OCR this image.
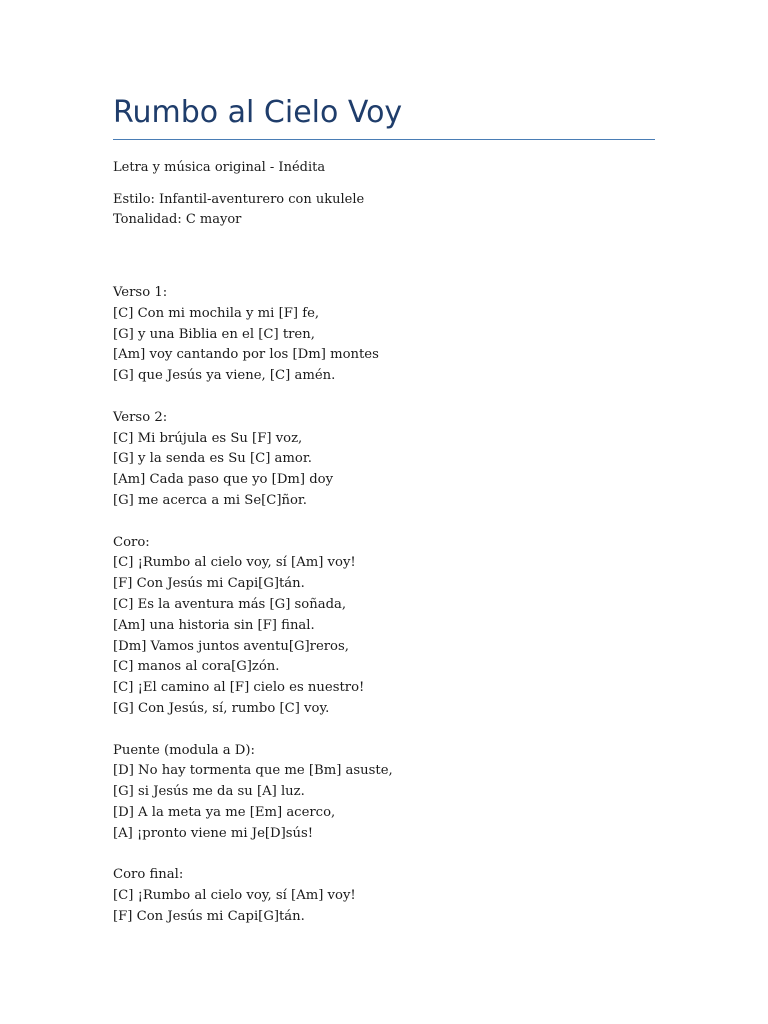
Rumbo al Cielo Voy
Letra y música original - Inédita
Estilo: Infantil-aventurero con ukulele
Tonalidad: C mayor
Verso 1:
[C] Con mi mochila y mi [F] fe,
[G] y una Biblia en el [C] tren,
[Am] voy cantando por los [Dm] montes
[G] que Jesús ya viene, [C] amén.
Verso 2:
[C] Mi brújula es Su [F] voz,
[G] y la senda es Su [C] amor.
[Am] Cada paso que yo [Dm] doy
[G] me acerca a mi Se[C]ñor.
Coro:
[C] ¡Rumbo al cielo voy, sí [Am] voy!
[F] Con Jesús mi Capi[G]tán.
[C] Es la aventura más [G] soñada,
[Am] una historia sin [F] final.
[Dm] Vamos juntos aventu[G]reros,
[C] manos al cora[G]zón.
[C] ¡El camino al [F] cielo es nuestro!
[G] Con Jesús, sí, rumbo [C] voy.
Puente (modula a D):
[D] No hay tormenta que me [Bm] asuste,
[G] si Jesús me da su [A] luz.
[D] A la meta ya me [Em] acerco,
[A] ¡pronto viene mi Je[D]sús!
Coro final:
[C] ¡Rumbo al cielo voy, sí [Am] voy!
[F] Con Jesús mi Capi[G]tán.
